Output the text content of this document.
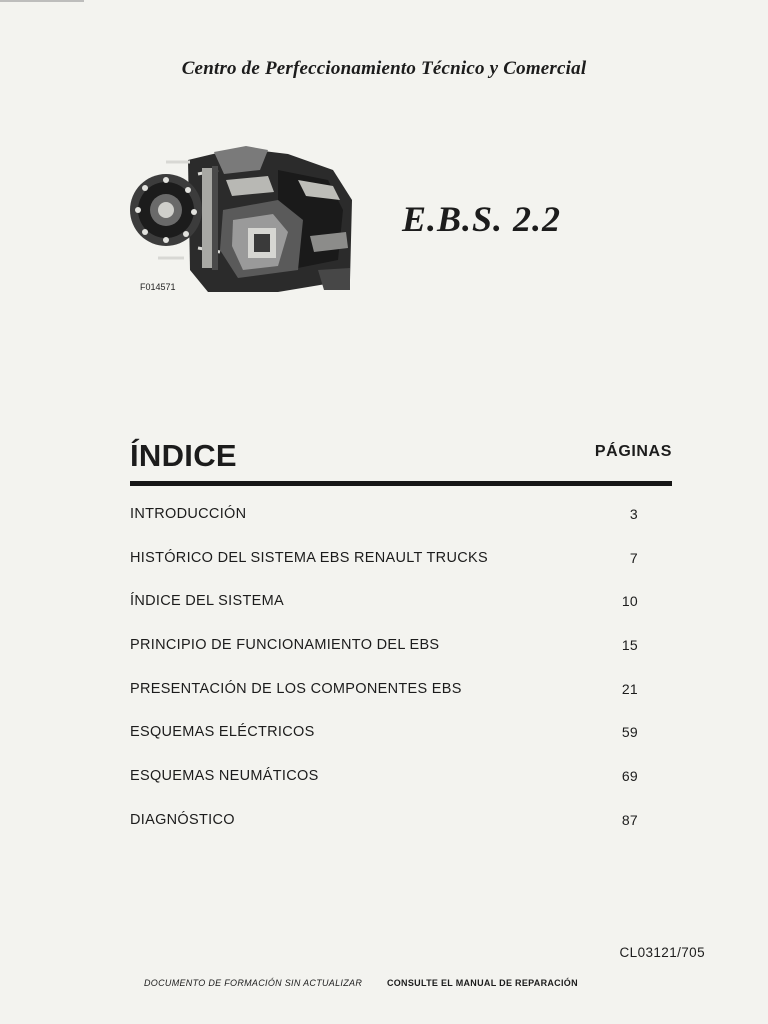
Centro de Perfeccionamiento Técnico y Comercial
F014571
E.B.S. 2.2
ÍNDICE	PÁGINAS
INTRODUCCIÓN	3
HISTÓRICO DEL SISTEMA EBS RENAULT TRUCKS	7
ÍNDICE DEL SISTEMA	10
PRINCIPIO DE FUNCIONAMIENTO DEL EBS	15
PRESENTACIÓN DE LOS COMPONENTES EBS	21
ESQUEMAS ELÉCTRICOS	59
ESQUEMAS NEUMÁTICOS	69
DIAGNÓSTICO	87
CL03121/705
DOCUMENTO DE FORMACIÓN SIN ACTUALIZAR	CONSULTE EL MANUAL DE REPARACIÓN
